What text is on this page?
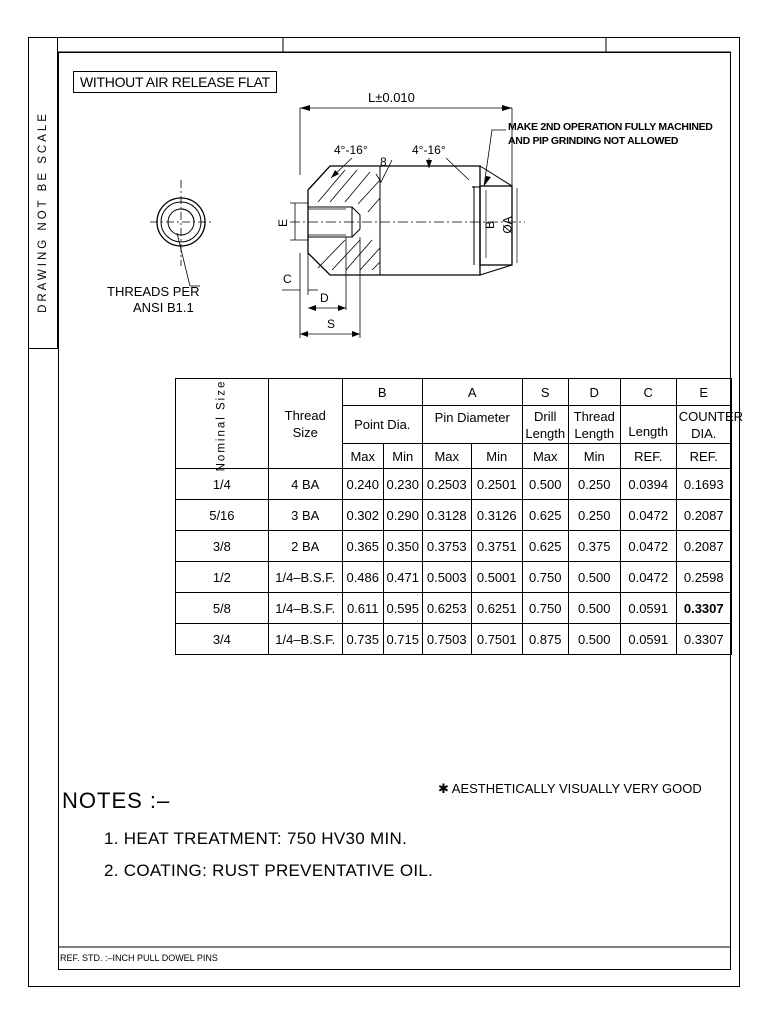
DRAWING NOT BE SCALE
WITHOUT AIR RELEASE FLAT
THREADS PER
ANSI B1.1
L±0.010
4°-16°	4°-16°
8
MAKE 2ND OPERATION FULLY MACHINED
AND PIP GRINDING NOT ALLOWED
E
C
D
S
B ØA
Nominal Size	Thread Size	B		A		S	D	C	E
		Point Dia.		Pin Diameter		Drill Length	Thread Length	Length	COUNTER DIA.

		Max	Min	Max	Min	Max	Min	REF.	REF.
1/4	4 BA	0.240	0.230	0.2503	0.2501	0.500	0.250	0.0394	0.1693
5/16	3 BA	0.302	0.290	0.3128	0.3126	0.625	0.250	0.0472	0.2087
3/8	2 BA	0.365	0.350	0.3753	0.3751	0.625	0.375	0.0472	0.2087
1/2	1/4–B.S.F.	0.486	0.471	0.5003	0.5001	0.750	0.500	0.0472	0.2598
5/8	1/4–B.S.F.	0.611	0.595	0.6253	0.6251	0.750	0.500	0.0591	0.3307
3/4	1/4–B.S.F.	0.735	0.715	0.7503	0.7501	0.875	0.500	0.0591	0.3307
NOTES :–
1. HEAT TREATMENT: 750 HV30 MIN.
2. COATING: RUST PREVENTATIVE OIL.
✱ AESTHETICALLY VISUALLY VERY GOOD
REF. STD. :–INCH PULL DOWEL PINS
